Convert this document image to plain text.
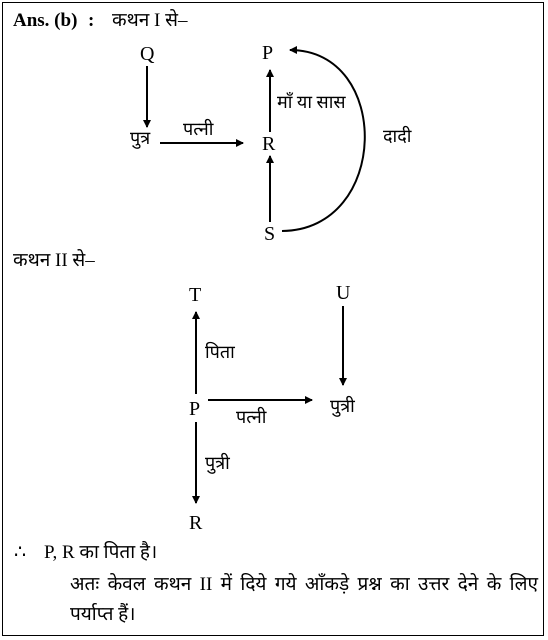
Ans. (b) : कथन I से–
Q	P
R
S
पुत्र पत्नी
माँ या सास
दादी
कथन II से–
T	U
P
R
पिता
पत्नी
पुत्री
पुत्री
∴ P, R का पिता है।
अतः केवल कथन II में दिये गये आँकड़े प्रश्न का उत्तर देने के लिए पर्याप्त हैं।
